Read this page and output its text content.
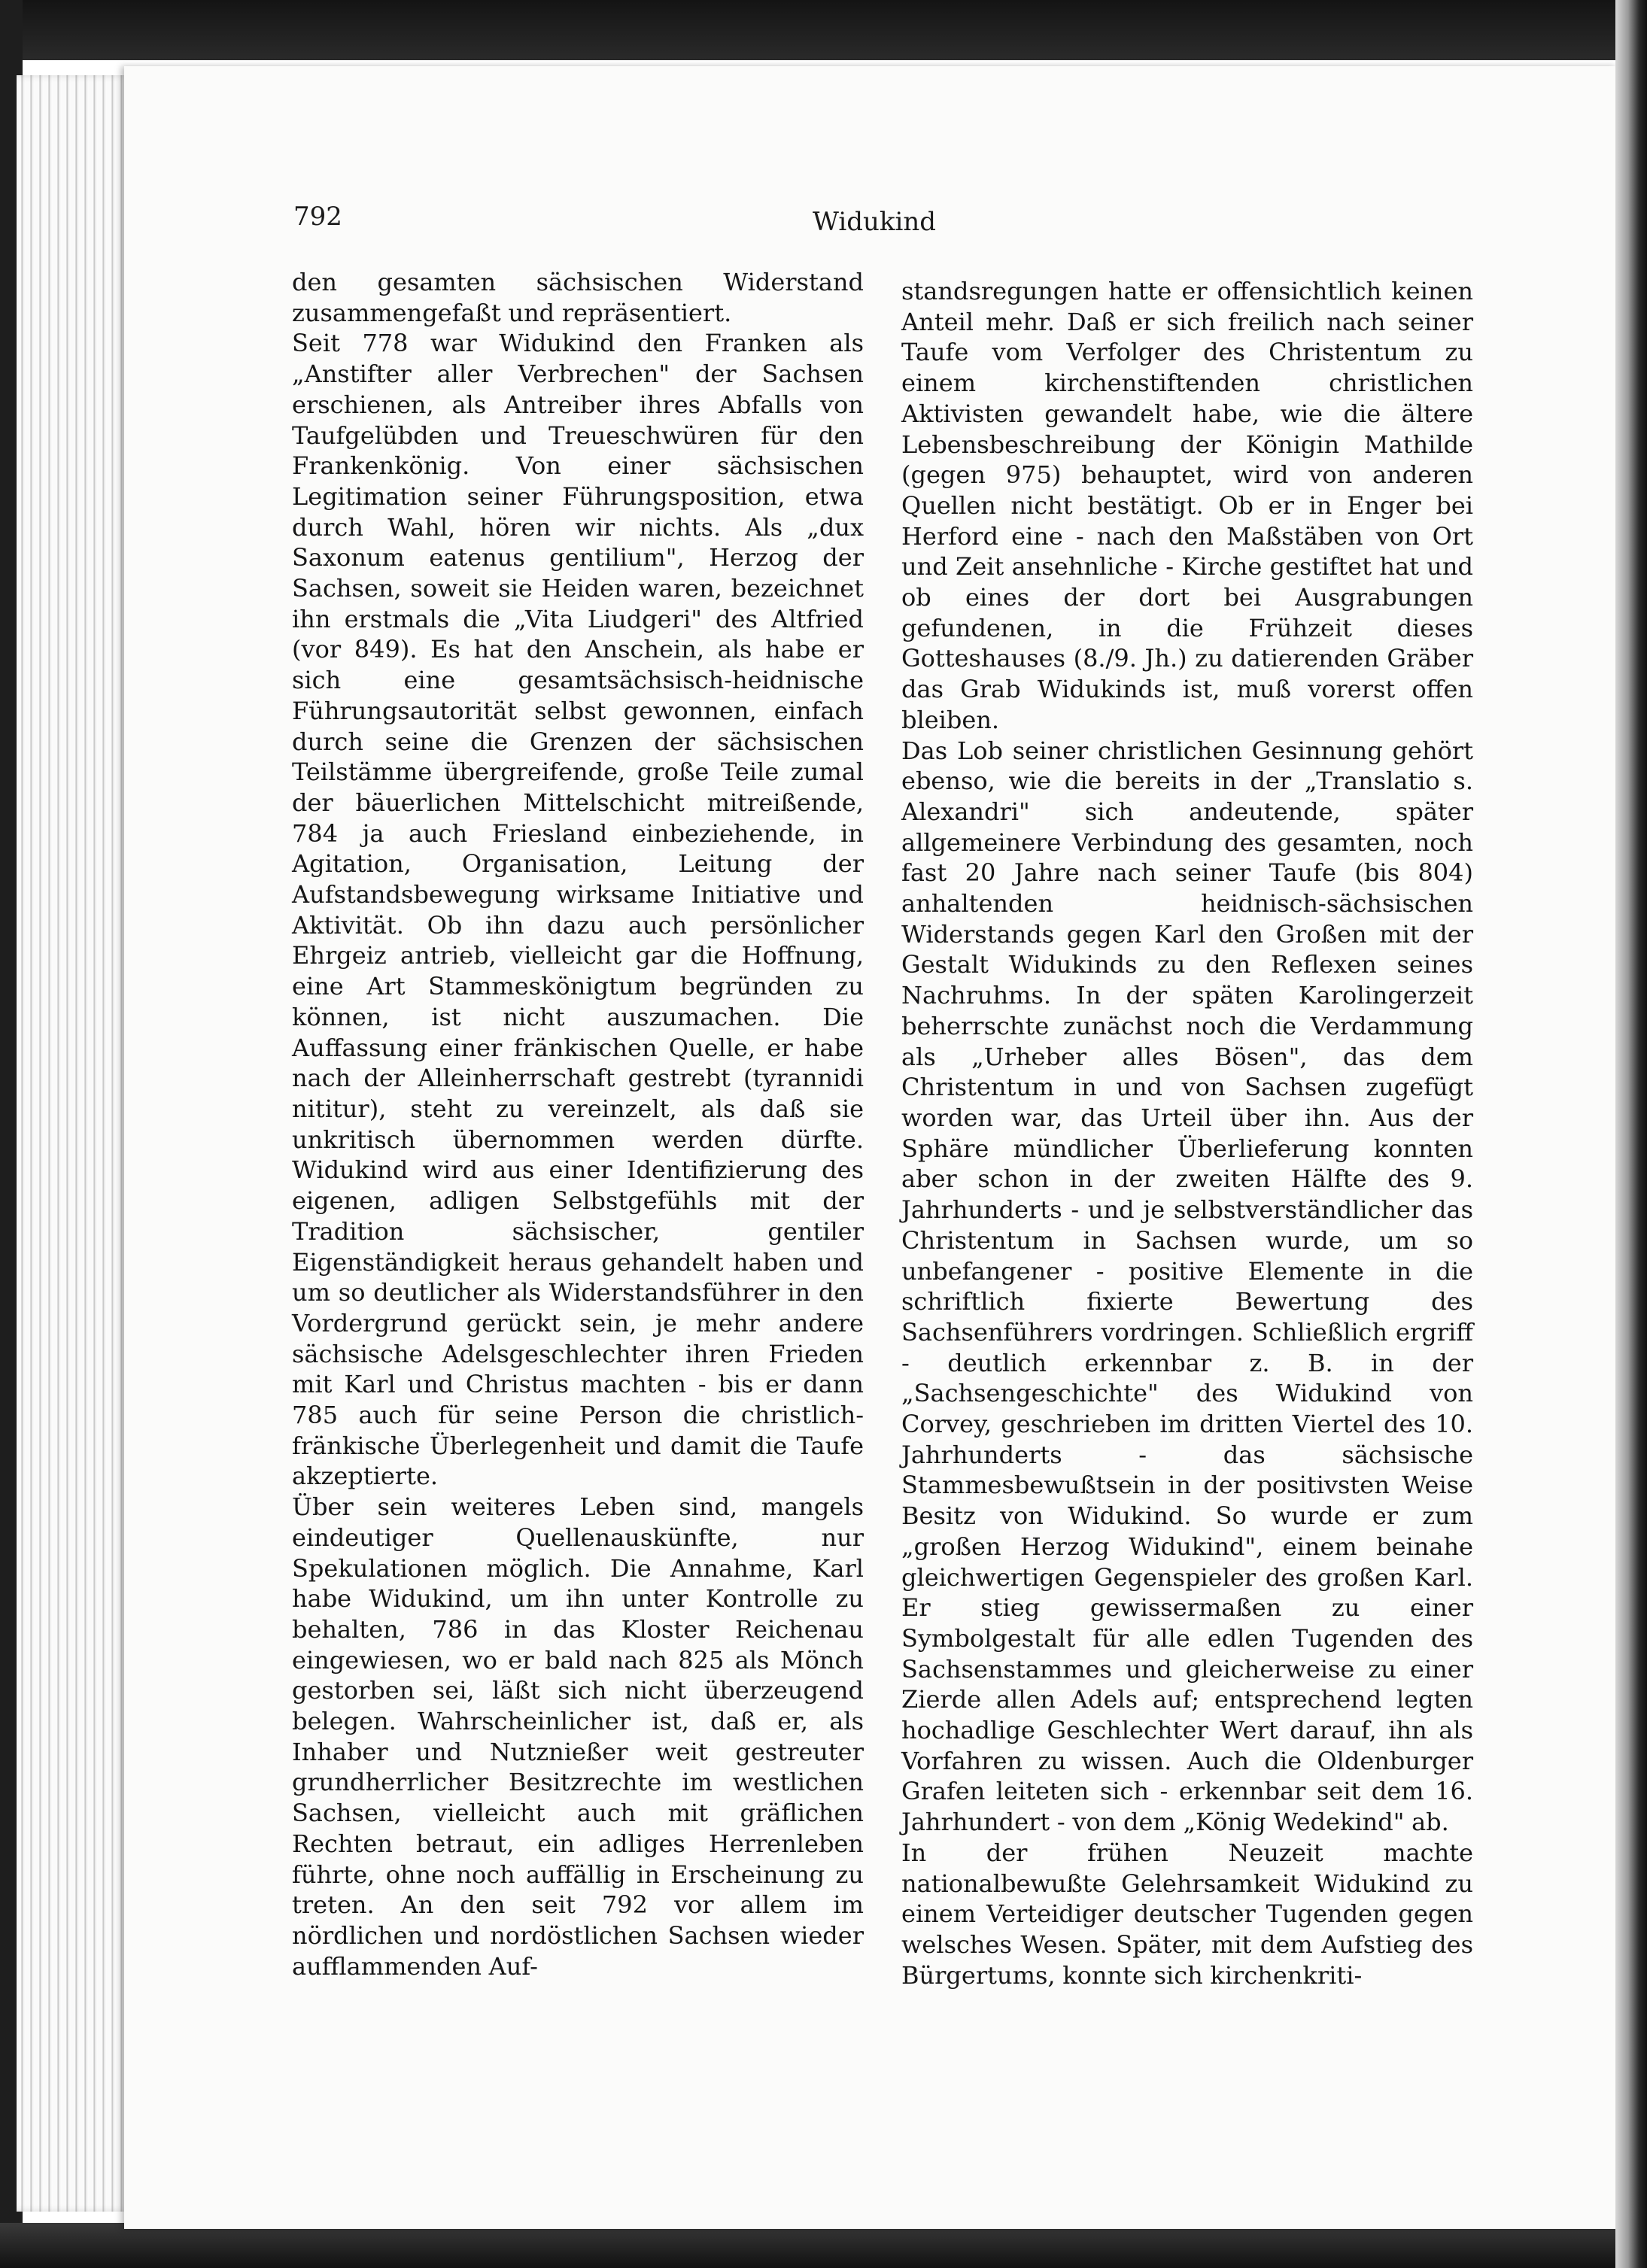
792	Widukind

den gesamten sächsischen Widerstand zusammengefaßt und repräsentiert.

Seit 778 war Widukind den Franken als „Anstifter aller Verbrechen" der Sachsen erschienen, als Antreiber ihres Abfalls von Taufgelübden und Treueschwüren für den Frankenkönig. Von einer sächsischen Legitimation seiner Führungsposition, etwa durch Wahl, hören wir nichts. Als „dux Saxonum eatenus gentilium", Herzog der Sachsen, soweit sie Heiden waren, bezeichnet ihn erstmals die „Vita Liudgeri" des Altfried (vor 849). Es hat den Anschein, als habe er sich eine gesamtsächsisch-heidnische Führungsautorität selbst gewonnen, einfach durch seine die Grenzen der sächsischen Teilstämme übergreifende, große Teile zumal der bäuerlichen Mittelschicht mitreißende, 784 ja auch Friesland einbeziehende, in Agitation, Organisation, Leitung der Aufstandsbewegung wirksame Initiative und Aktivität. Ob ihn dazu auch persönlicher Ehrgeiz antrieb, vielleicht gar die Hoffnung, eine Art Stammeskönigtum begründen zu können, ist nicht auszumachen. Die Auffassung einer fränkischen Quelle, er habe nach der Alleinherrschaft gestrebt (tyrannidi nititur), steht zu vereinzelt, als daß sie unkritisch übernommen werden dürfte. Widukind wird aus einer Identifizierung des eigenen, adligen Selbstgefühls mit der Tradition sächsischer, gentiler Eigenständigkeit heraus gehandelt haben und um so deutlicher als Widerstandsführer in den Vordergrund gerückt sein, je mehr andere sächsische Adelsgeschlechter ihren Frieden mit Karl und Christus machten - bis er dann 785 auch für seine Person die christlich-fränkische Überlegenheit und damit die Taufe akzeptierte.

Über sein weiteres Leben sind, mangels eindeutiger Quellenauskünfte, nur Spekulationen möglich. Die Annahme, Karl habe Widukind, um ihn unter Kontrolle zu behalten, 786 in das Kloster Reichenau eingewiesen, wo er bald nach 825 als Mönch gestorben sei, läßt sich nicht überzeugend belegen. Wahrscheinlicher ist, daß er, als Inhaber und Nutznießer weit gestreuter grundherrlicher Besitzrechte im westlichen Sachsen, vielleicht auch mit gräflichen Rechten betraut, ein adliges Herrenleben führte, ohne noch auffällig in Erscheinung zu treten. An den seit 792 vor allem im nördlichen und nordöstlichen Sachsen wieder aufflammenden Auf-

standsregungen hatte er offensichtlich keinen Anteil mehr. Daß er sich freilich nach seiner Taufe vom Verfolger des Christentum zu einem kirchenstiftenden christlichen Aktivisten gewandelt habe, wie die ältere Lebensbeschreibung der Königin Mathilde (gegen 975) behauptet, wird von anderen Quellen nicht bestätigt. Ob er in Enger bei Herford eine - nach den Maßstäben von Ort und Zeit ansehnliche - Kirche gestiftet hat und ob eines der dort bei Ausgrabungen gefundenen, in die Frühzeit dieses Gotteshauses (8./9. Jh.) zu datierenden Gräber das Grab Widukinds ist, muß vorerst offen bleiben.

Das Lob seiner christlichen Gesinnung gehört ebenso, wie die bereits in der „Translatio s. Alexandri" sich andeutende, später allgemeinere Verbindung des gesamten, noch fast 20 Jahre nach seiner Taufe (bis 804) anhaltenden heidnisch-sächsischen Widerstands gegen Karl den Großen mit der Gestalt Widukinds zu den Reflexen seines Nachruhms. In der späten Karolingerzeit beherrschte zunächst noch die Verdammung als „Urheber alles Bösen", das dem Christentum in und von Sachsen zugefügt worden war, das Urteil über ihn. Aus der Sphäre mündlicher Überlieferung konnten aber schon in der zweiten Hälfte des 9. Jahrhunderts - und je selbstverständlicher das Christentum in Sachsen wurde, um so unbefangener - positive Elemente in die schriftlich fixierte Bewertung des Sachsenführers vordringen. Schließlich ergriff - deutlich erkennbar z. B. in der „Sachsengeschichte" des Widukind von Corvey, geschrieben im dritten Viertel des 10. Jahrhunderts - das sächsische Stammesbewußtsein in der positivsten Weise Besitz von Widukind. So wurde er zum „großen Herzog Widukind", einem beinahe gleichwertigen Gegenspieler des großen Karl. Er stieg gewissermaßen zu einer Symbolgestalt für alle edlen Tugenden des Sachsenstammes und gleicherweise zu einer Zierde allen Adels auf; entsprechend legten hochadlige Geschlechter Wert darauf, ihn als Vorfahren zu wissen. Auch die Oldenburger Grafen leiteten sich - erkennbar seit dem 16. Jahrhundert - von dem „König Wedekind" ab.

In der frühen Neuzeit machte nationalbewußte Gelehrsamkeit Widukind zu einem Verteidiger deutscher Tugenden gegen welsches Wesen. Später, mit dem Aufstieg des Bürgertums, konnte sich kirchenkriti-
